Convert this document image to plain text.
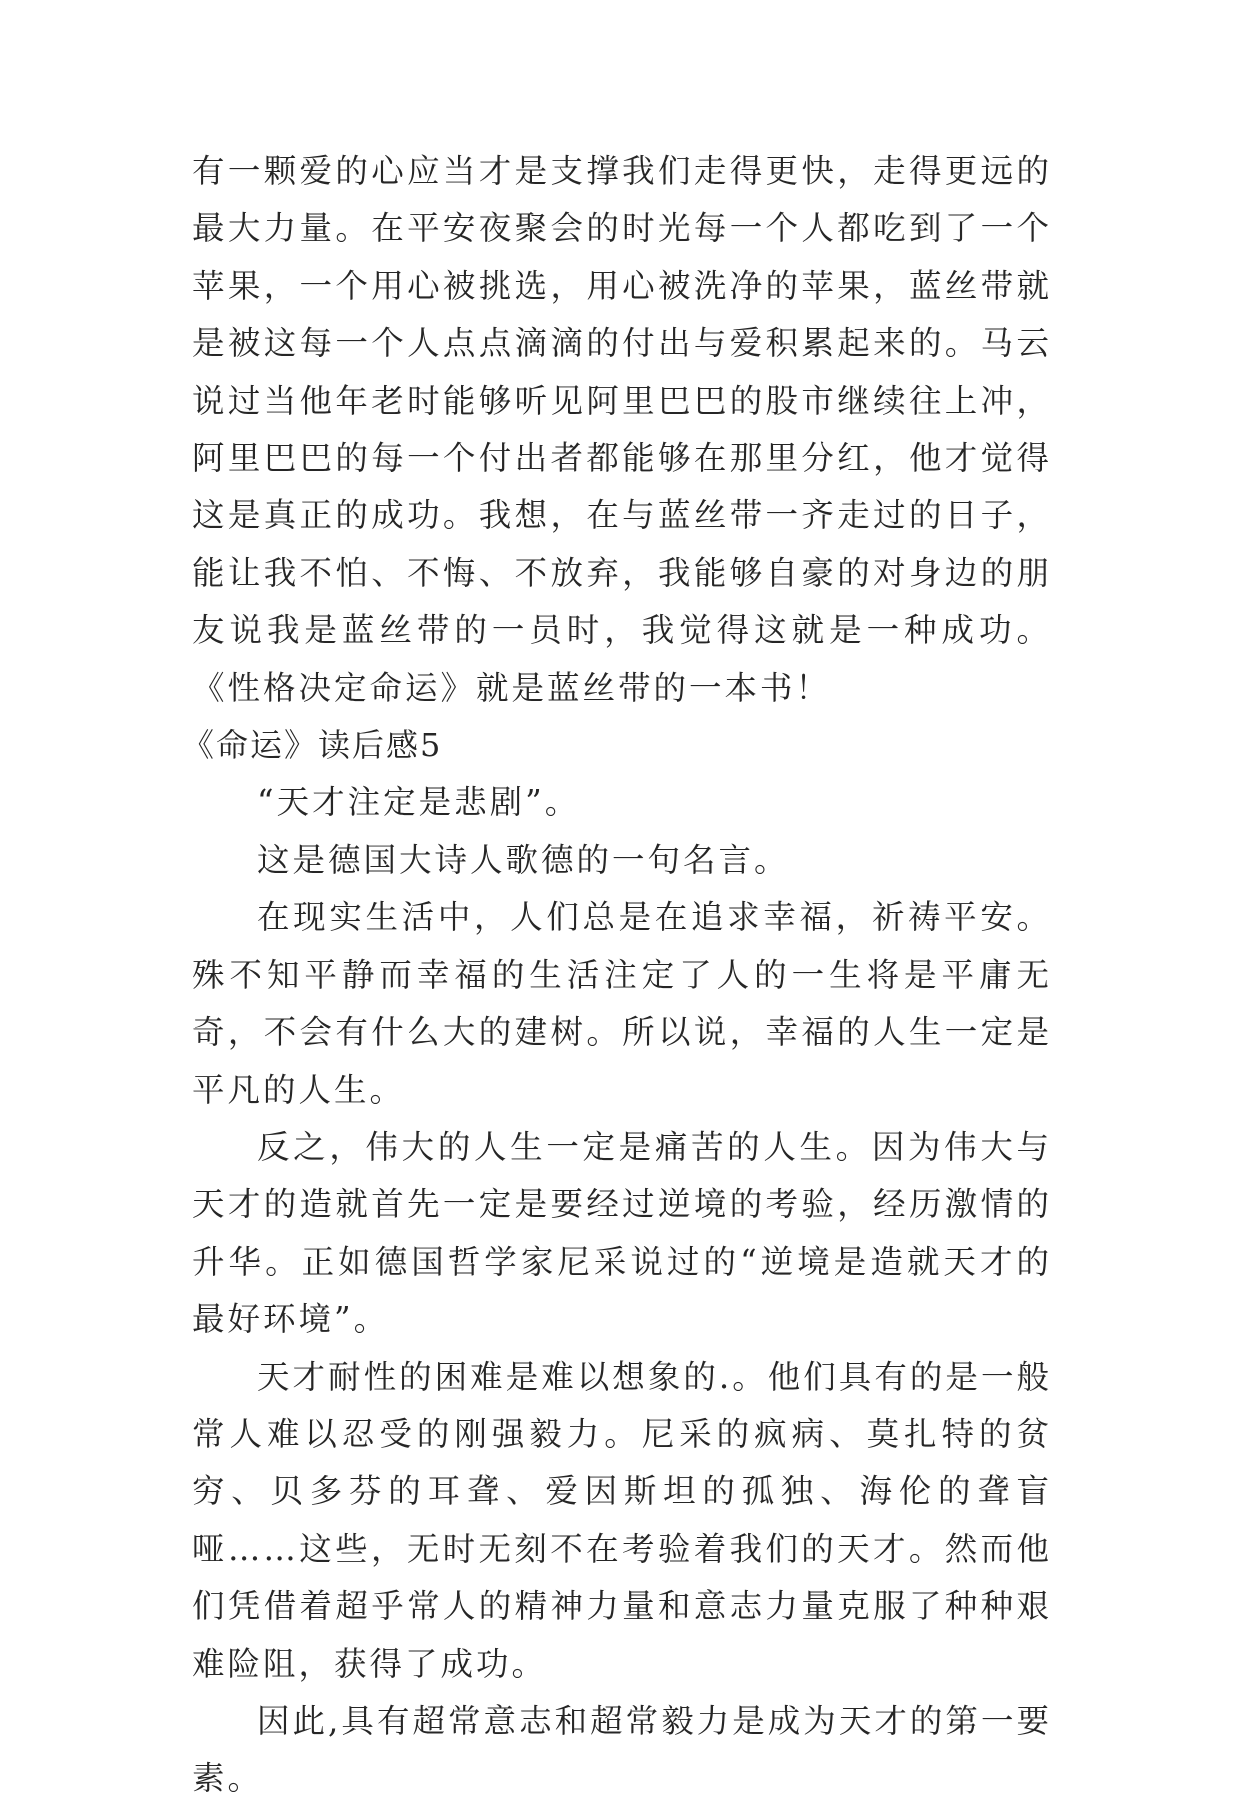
有一颗爱的心应当才是支撑我们走得更快，走得更远的最大力量。在平安夜聚会的时光每一个人都吃到了一个苹果，一个用心被挑选，用心被洗净的苹果，蓝丝带就是被这每一个人点点滴滴的付出与爱积累起来的。马云说过当他年老时能够听见阿里巴巴的股市继续往上冲，阿里巴巴的每一个付出者都能够在那里分红，他才觉得这是真正的成功。我想，在与蓝丝带一齐走过的日子，能让我不怕、不悔、不放弃，我能够自豪的对身边的朋友说我是蓝丝带的一员时，我觉得这就是一种成功。《性格决定命运》就是蓝丝带的一本书！

《命运》读后感5

“天才注定是悲剧”。

这是德国大诗人歌德的一句名言。

在现实生活中，人们总是在追求幸福，祈祷平安。殊不知平静而幸福的生活注定了人的一生将是平庸无奇，不会有什么大的建树。所以说，幸福的人生一定是平凡的人生。

反之，伟大的人生一定是痛苦的人生。因为伟大与天才的造就首先一定是要经过逆境的考验，经历激情的升华。正如德国哲学家尼采说过的“逆境是造就天才的最好环境”。

天才耐性的困难是难以想象的.。他们具有的是一般常人难以忍受的刚强毅力。尼采的疯病、莫扎特的贫穷、贝多芬的耳聋、爱因斯坦的孤独、海伦的聋盲哑……这些，无时无刻不在考验着我们的天才。然而他们凭借着超乎常人的精神力量和意志力量克服了种种艰难险阻，获得了成功。

因此,具有超常意志和超常毅力是成为天才的第一要素。
